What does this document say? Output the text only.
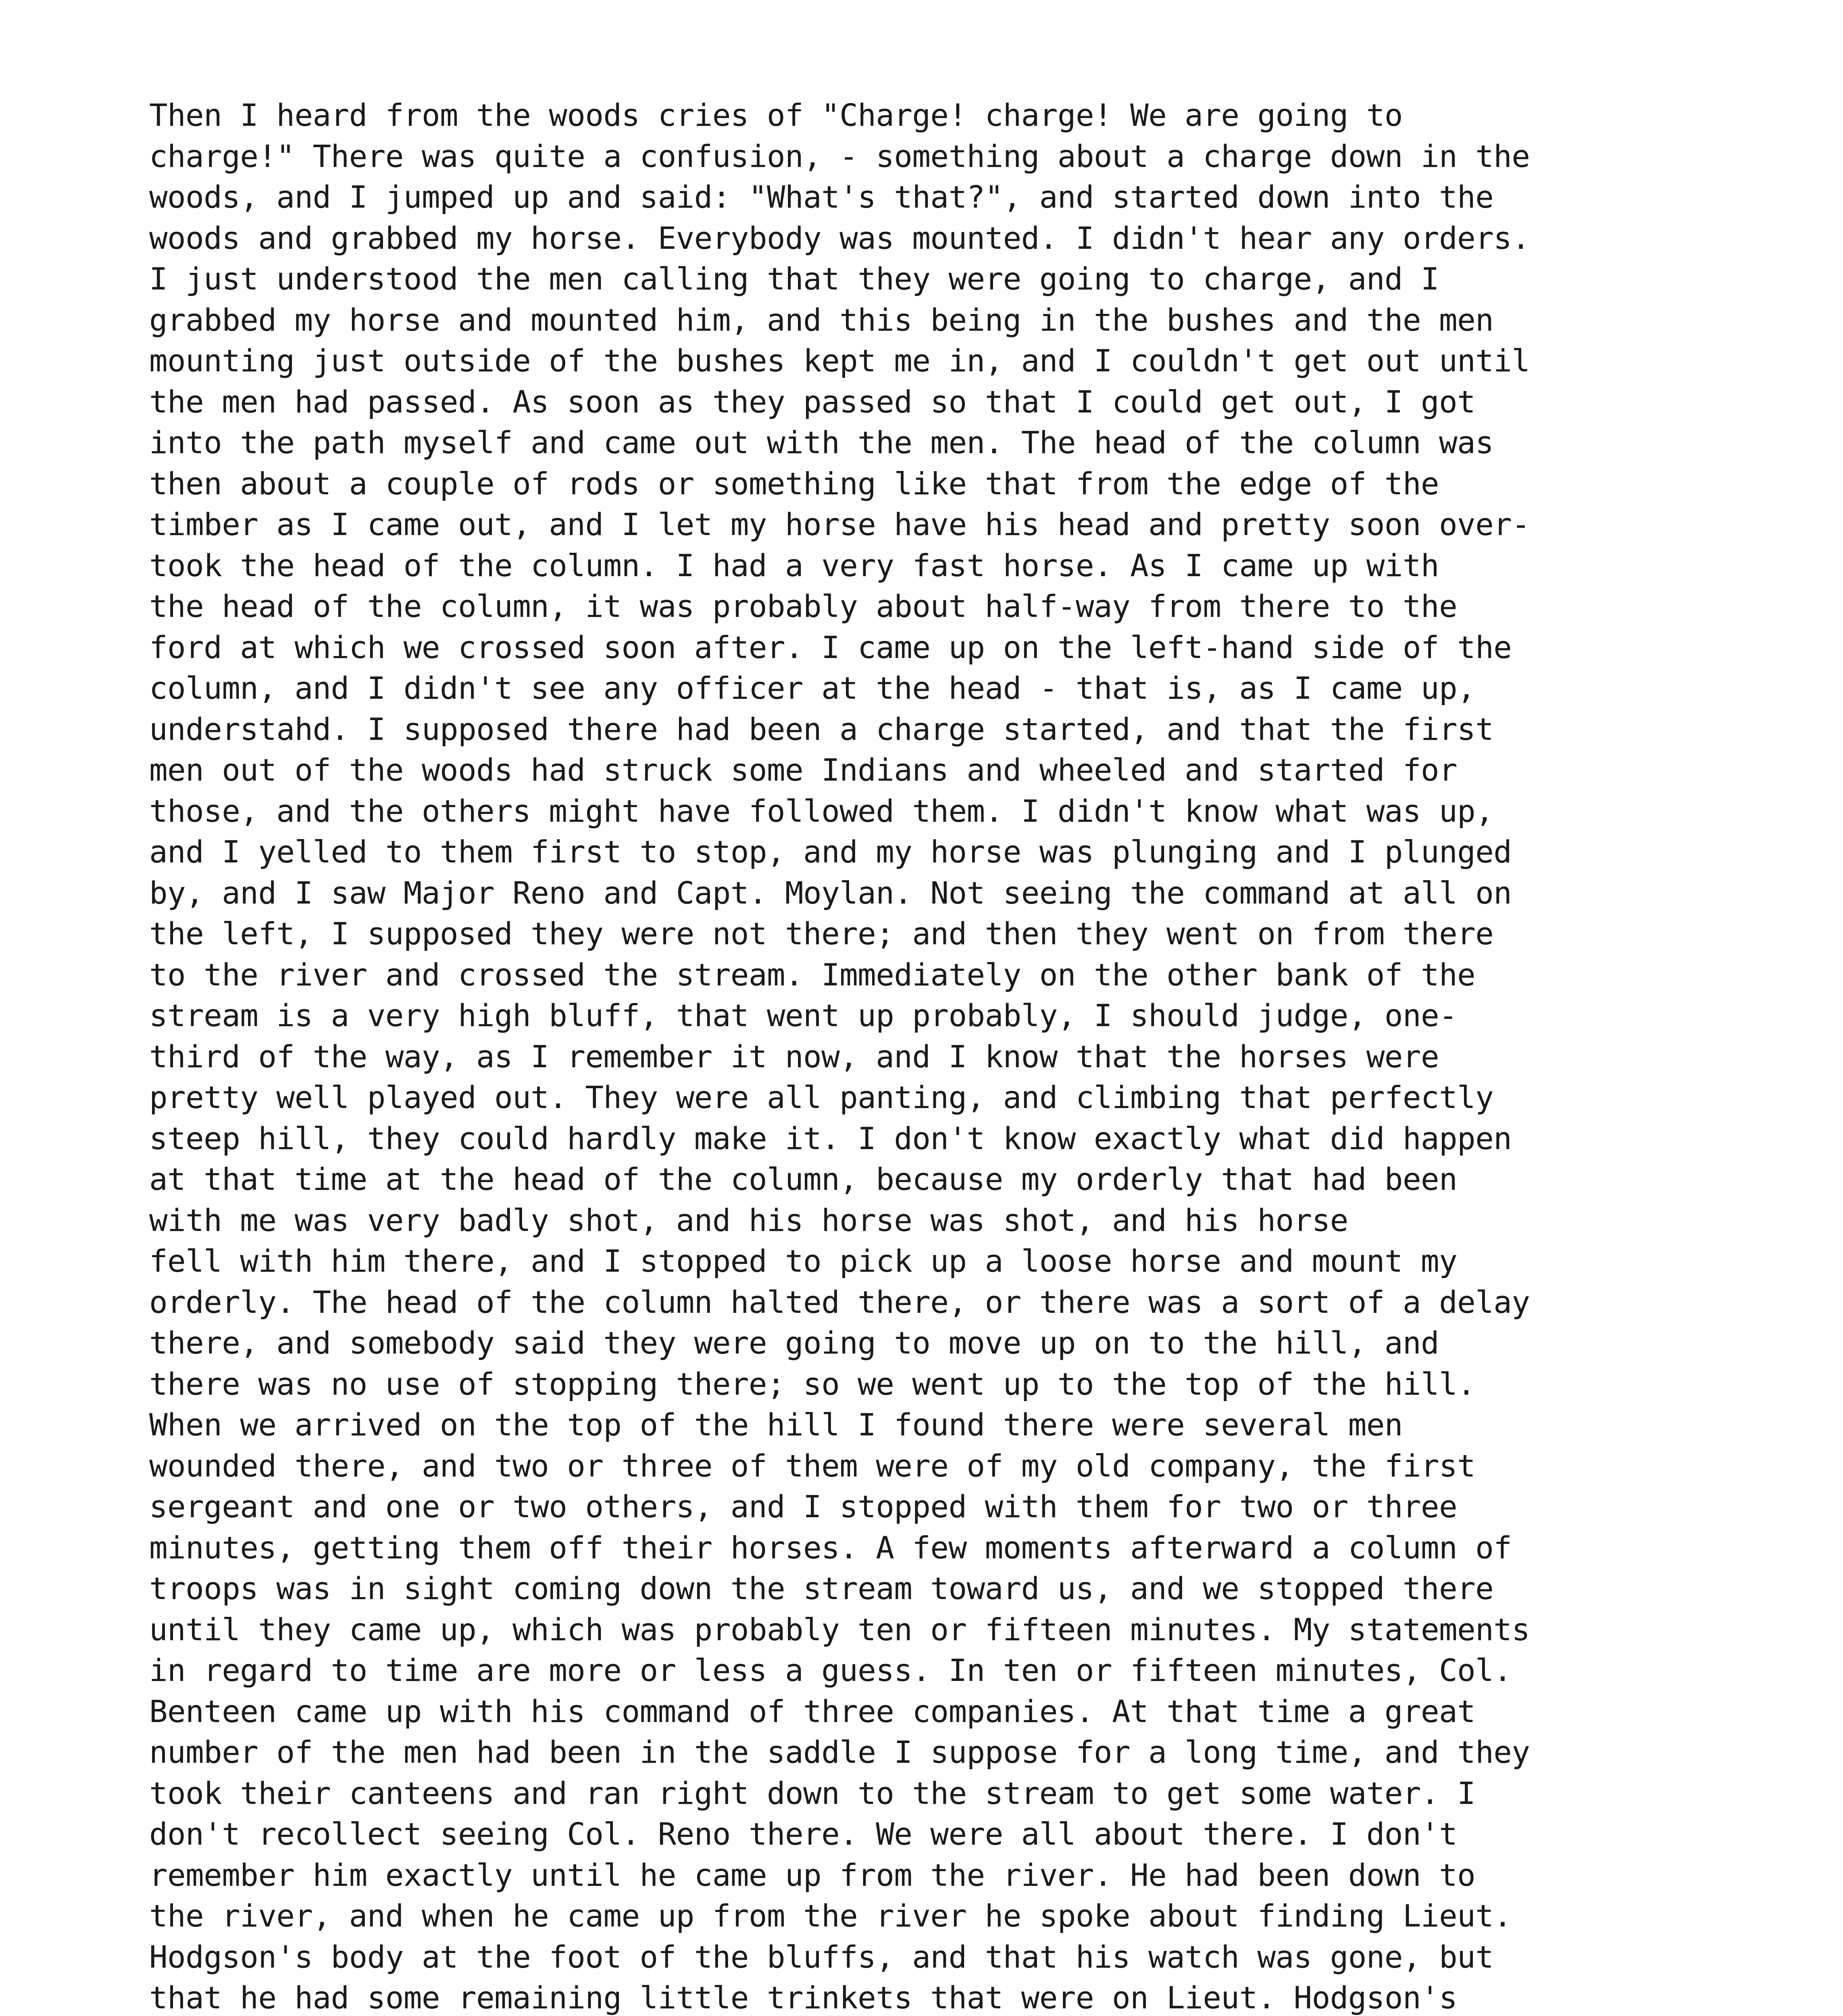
Then I heard from the woods cries of "Charge! charge! We are going to
charge!" There was quite a confusion, - something about a charge down in the
woods, and I jumped up and said: "What's that?", and started down into the
woods and grabbed my horse. Everybody was mounted. I didn't hear any orders.
I just understood the men calling that they were going to charge, and I
grabbed my horse and mounted him, and this being in the bushes and the men
mounting just outside of the bushes kept me in, and I couldn't get out until
the men had passed. As soon as they passed so that I could get out, I got
into the path myself and came out with the men. The head of the column was
then about a couple of rods or something like that from the edge of the
timber as I came out, and I let my horse have his head and pretty soon over-
took the head of the column. I had a very fast horse. As I came up with
the head of the column, it was probably about half-way from there to the
ford at which we crossed soon after. I came up on the left-hand side of the
column, and I didn't see any officer at the head - that is, as I came up,
understahd. I supposed there had been a charge started, and that the first
men out of the woods had struck some Indians and wheeled and started for
those, and the others might have followed them. I didn't know what was up,
and I yelled to them first to stop, and my horse was plunging and I plunged
by, and I saw Major Reno and Capt. Moylan. Not seeing the command at all on
the left, I supposed they were not there; and then they went on from there
to the river and crossed the stream. Immediately on the other bank of the
stream is a very high bluff, that went up probably, I should judge, one-
third of the way, as I remember it now, and I know that the horses were
pretty well played out. They were all panting, and climbing that perfectly
steep hill, they could hardly make it. I don't know exactly what did happen
at that time at the head of the column, because my orderly that had been
with me was very badly shot, and his horse was shot, and his horse
fell with him there, and I stopped to pick up a loose horse and mount my
orderly. The head of the column halted there, or there was a sort of a delay
there, and somebody said they were going to move up on to the hill, and
there was no use of stopping there; so we went up to the top of the hill.
When we arrived on the top of the hill I found there were several men
wounded there, and two or three of them were of my old company, the first
sergeant and one or two others, and I stopped with them for two or three
minutes, getting them off their horses. A few moments afterward a column of
troops was in sight coming down the stream toward us, and we stopped there
until they came up, which was probably ten or fifteen minutes. My statements
in regard to time are more or less a guess. In ten or fifteen minutes, Col.
Benteen came up with his command of three companies. At that time a great
number of the men had been in the saddle I suppose for a long time, and they
took their canteens and ran right down to the stream to get some water. I
don't recollect seeing Col. Reno there. We were all about there. I don't
remember him exactly until he came up from the river. He had been down to
the river, and when he came up from the river he spoke about finding Lieut.
Hodgson's body at the foot of the bluffs, and that his watch was gone, but
that he had some remaining little trinkets that were on Lieut. Hodgson's
